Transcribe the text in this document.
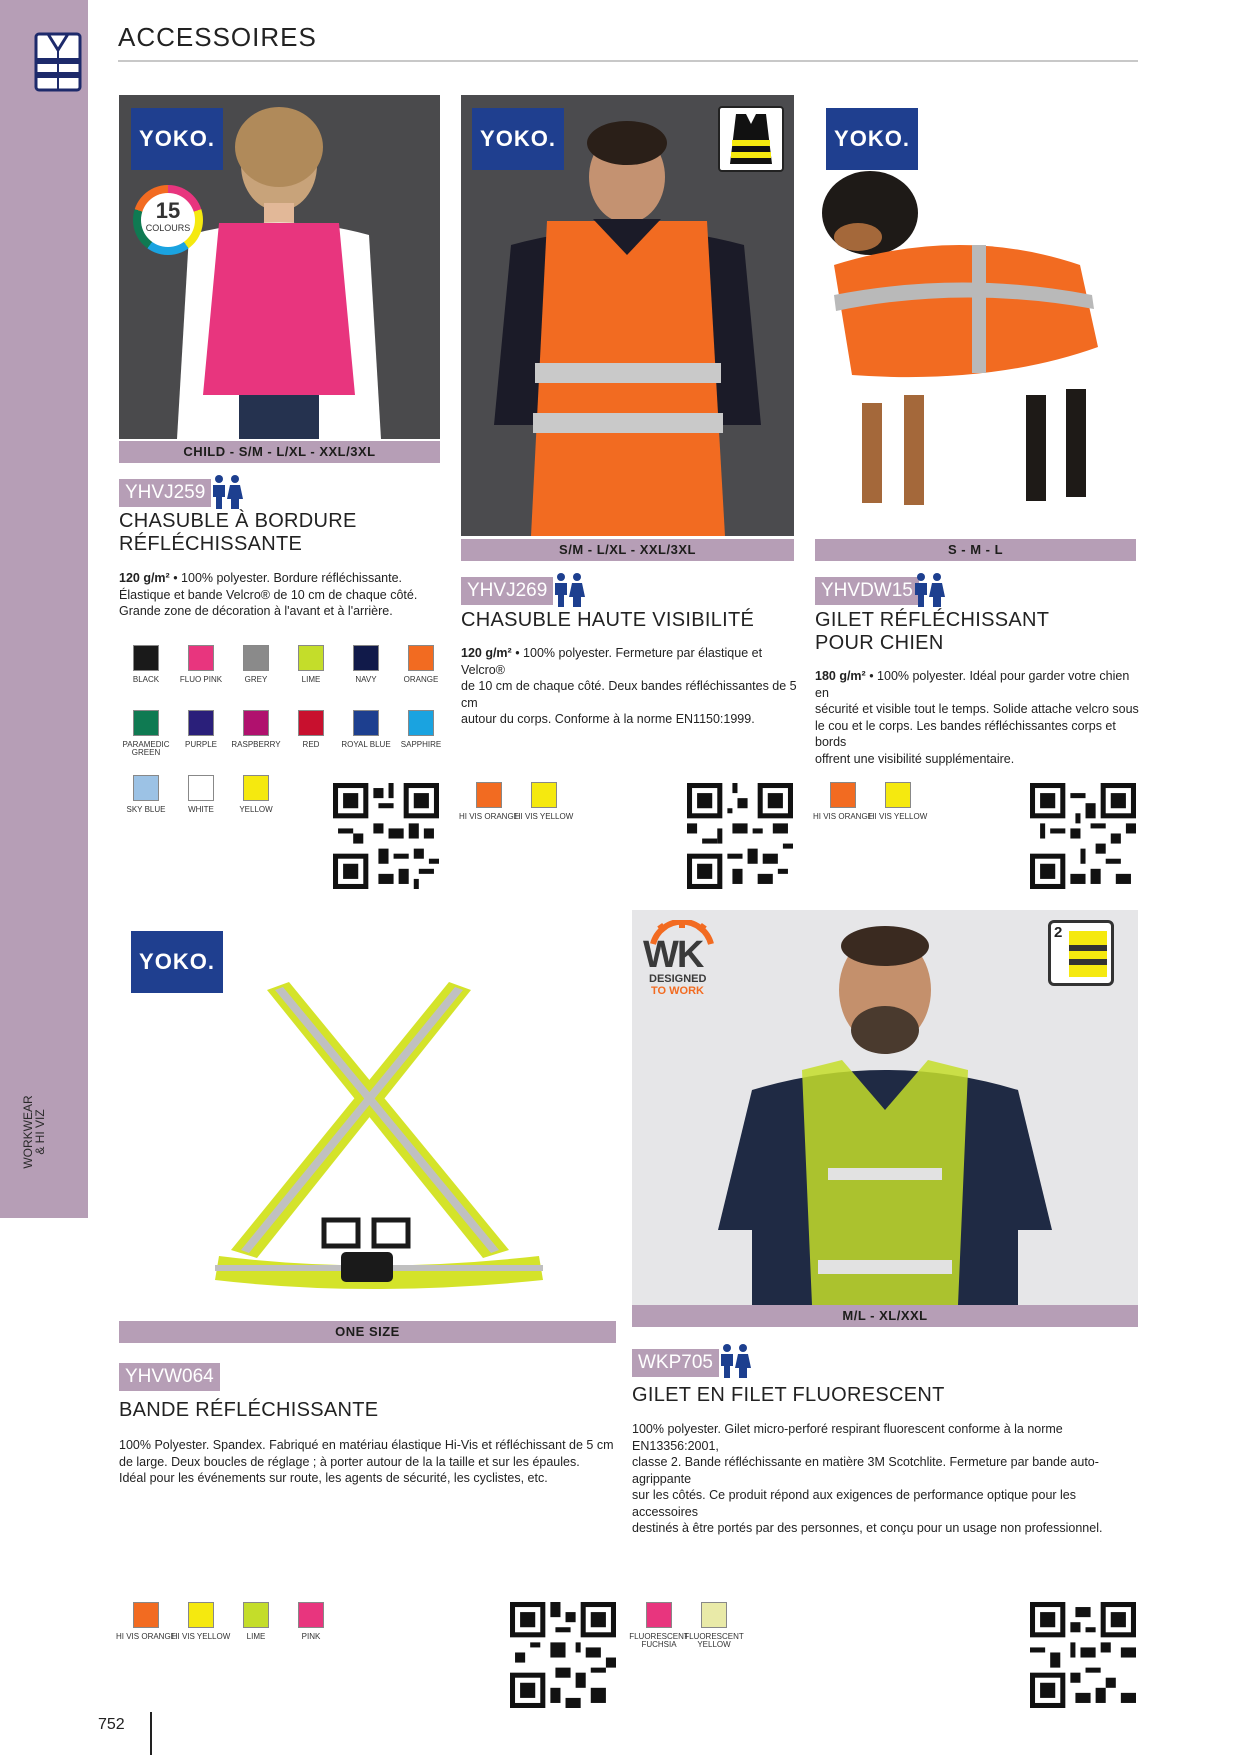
WORKWEAR
& HI VIZ
ACCESSOIRES
YOKO.
15
COLOURS
CHILD - S/M - L/XL - XXL/3XL
YHVJ259
CHASUBLE À BORDURE
RÉFLÉCHISSANTE
120 g/m² • 100% polyester. Bordure réfléchissante.
Élastique et bande Velcro® de 10 cm de chaque côté.
Grande zone de décoration à l'avant et à l'arrière.
BLACK	FLUO PINK	GREY	LIME	NAVY	ORANGE
PARAMEDIC GREEN
PURPLE	RASPBERRY	RED	ROYAL BLUE	SAPPHIRE
SKY BLUE	WHITE	YELLOW
YOKO.
S/M - L/XL - XXL/3XL
YHVJ269
CHASUBLE HAUTE VISIBILITÉ
120 g/m² • 100% polyester. Fermeture par élastique et Velcro®
de 10 cm de chaque côté. Deux bandes réfléchissantes de 5 cm
autour du corps. Conforme à la norme EN1150:1999.
HI VIS ORANGE
HI VIS YELLOW
YOKO.
S - M - L
YHVDW15
GILET RÉFLÉCHISSANT
POUR CHIEN
180 g/m² • 100% polyester. Idéal pour garder votre chien en
sécurité et visible tout le temps. Solide attache velcro sous
le cou et le corps. Les bandes réfléchissantes corps et bords
offrent une visibilité supplémentaire.
HI VIS ORANGE
HI VIS YELLOW
YOKO.
ONE SIZE
YHVW064
BANDE RÉFLÉCHISSANTE
100% Polyester. Spandex. Fabriqué en matériau élastique Hi-Vis et réfléchissant de 5 cm
de large. Deux boucles de réglage ; à porter autour de la la taille et sur les épaules.
Idéal pour les événements sur route, les agents de sécurité, les cyclistes, etc.
HI VIS ORANGE
HI VIS YELLOW	LIME	PINK
WK
DESIGNED
TO WORK
2
M/L - XL/XXL
WKP705
GILET EN FILET FLUORESCENT
100% polyester. Gilet micro-perforé respirant fluorescent conforme à la norme EN13356:2001,
classe 2. Bande réfléchissante en matière 3M Scotchlite. Fermeture par bande auto-agrippante
sur les côtés. Ce produit répond aux exigences de performance optique pour les accessoires
destinés à être portés par des personnes, et conçu pour un usage non professionnel.
FLUORESCENT FUCHSIA
FLUORESCENT YELLOW
752
